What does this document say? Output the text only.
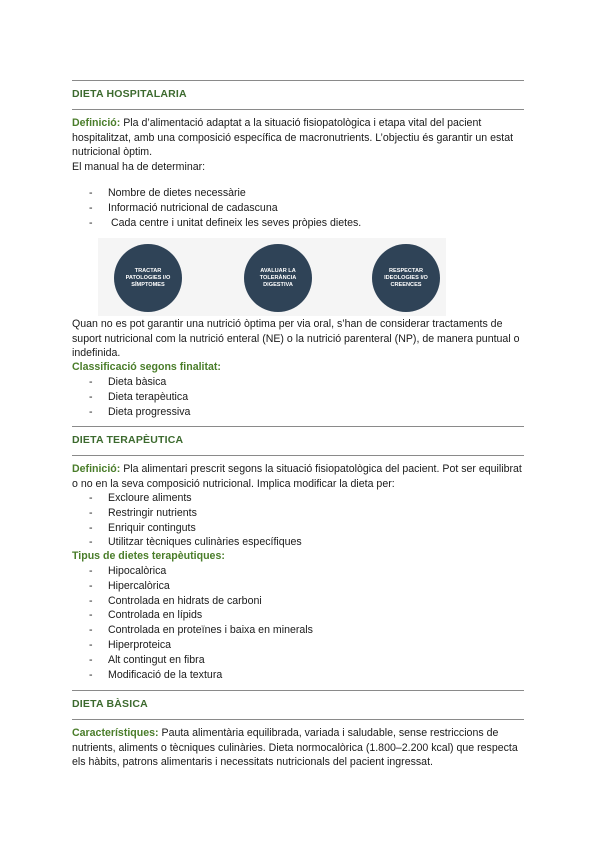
DIETA HOSPITALARIA
Definició: Pla d’alimentació adaptat a la situació fisiopatològica i etapa vital del pacient hospitalitzat, amb una composició específica de macronutrients. L’objectiu és garantir un estat nutricional òptim.
El manual ha de determinar:
- Nombre de dietes necessàrie
- Informació nutricional de cadascuna
- Cada centre i unitat defineix les seves pròpies dietes.
TRACTAR PATOLOGIES I/O SÍMPTOMES
AVALUAR LA TOLERÀNCIA DIGESTIVA
RESPECTAR IDEOLOGIES I/O CREENCES
Quan no es pot garantir una nutrició òptima per via oral, s’han de considerar tractaments de suport nutricional com la nutrició enteral (NE) o la nutrició parenteral (NP), de manera puntual o indefinida.
Classificació segons finalitat:
- Dieta bàsica
- Dieta terapèutica
- Dieta progressiva
DIETA TERAPÈUTICA
Definició: Pla alimentari prescrit segons la situació fisiopatològica del pacient. Pot ser equilibrat o no en la seva composició nutricional. Implica modificar la dieta per:
- Excloure aliments
- Restringir nutrients
- Enriquir continguts
- Utilitzar tècniques culinàries específiques
Tipus de dietes terapèutiques:
- Hipocalòrica
- Hipercalòrica
- Controlada en hidrats de carboni
- Controlada en lípids
- Controlada en proteïnes i baixa en minerals
- Hiperproteica
- Alt contingut en fibra
- Modificació de la textura
DIETA BÀSICA
Característiques: Pauta alimentària equilibrada, variada i saludable, sense restriccions de nutrients, aliments o tècniques culinàries. Dieta normocalòrica (1.800–2.200 kcal) que respecta els hàbits, patrons alimentaris i necessitats nutricionals del pacient ingressat.
